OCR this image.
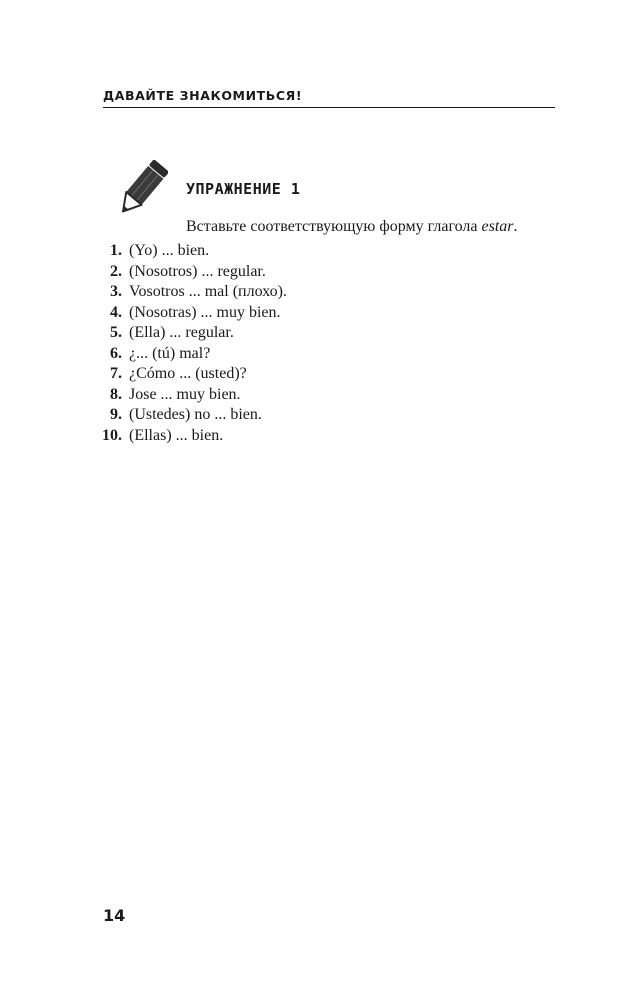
ДАВАЙТЕ ЗНАКОМИТЬСЯ!
УПРАЖНЕНИЕ 1
Вставьте соответствующую форму глагола estar.
1. (Yo) ... bien.
2. (Nosotros) ... regular.
3. Vosotros ... mal (плохо).
4. (Nosotras) ... muy bien.
5. (Ella) ... regular.
6. ¿... (tú) mal?
7. ¿Cómo ... (usted)?
8. Jose ... muy bien.
9. (Ustedes) no ... bien.
10. (Ellas) ... bien.
14
